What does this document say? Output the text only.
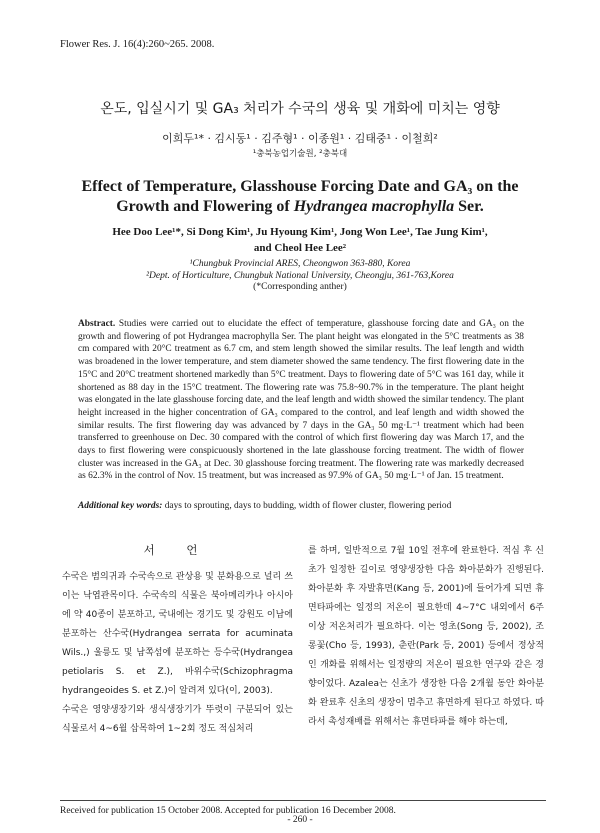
Flower Res. J. 16(4):260~265. 2008.
온도, 입실시기 및 GA₃ 처리가 수국의 생육 및 개화에 미치는 영향
이희두¹* · 김시동¹ · 김주형¹ · 이종원¹ · 김태중¹ · 이철희²
¹충북농업기술원, ²충북대
Effect of Temperature, Glasshouse Forcing Date and GA₃ on the
Growth and Flowering of Hydrangea macrophylla Ser.
Hee Doo Lee¹*, Si Dong Kim¹, Ju Hyoung Kim¹, Jong Won Lee¹, Tae Jung Kim¹,
and Cheol Hee Lee²
¹Chungbuk Provincial ARES, Cheongwon 363-880, Korea
²Dept. of Horticulture, Chungbuk National University, Cheongju, 361-763,Korea
(*Corresponding anther)
Abstract. Studies were carried out to elucidate the effect of temperature, glasshouse forcing date and GA₃ on the growth and flowering of pot Hydrangea macrophylla Ser. The plant height was elongated in the 5°C treatments as 38 cm compared with 20°C treatment as 6.7 cm, and stem length showed the similar results. The leaf length and width was broadened in the lower temperature, and stem diameter showed the same tendency. The first flowering date in the 15°C and 20°C treatment shortened markedly than 5°C treatment. Days to flowering date of 5°C was 161 day, while it shortened as 88 day in the 15°C treatment. The flowering rate was 75.8~90.7% in the temperature. The plant height was elongated in the late glasshouse forcing date, and the leaf length and width showed the similar tendency. The plant height increased in the higher concentration of GA₃ compared to the control, and leaf length and width showed the similar results. The first flowering day was advanced by 7 days in the GA₃ 50 mg·L⁻¹ treatment which had been transferred to greenhouse on Dec. 30 compared with the control of which first flowering day was March 17, and the days to first flowering were conspicuously shortened in the late glasshouse forcing treatment. The width of flower cluster was increased in the GA₃ at Dec. 30 glasshouse forcing treatment. The flowering rate was markedly decreased as 62.3% in the control of Nov. 15 treatment, but was increased as 97.9% of GA₃ 50 mg·L⁻¹ of Jan. 15 treatment.
Additional key words: days to sprouting, days to budding, width of flower cluster, flowering period
서 언
수국은 범의귀과 수국속으로 관상용 및 분화용으로 널리 쓰이는 낙엽관목이다. 수국속의 식물은 북아메리카나 아시아에 약 40종이 분포하고, 국내에는 경기도 및 강원도 이남에 분포하는 산수국(Hydrangea serrata for acuminata Wils.,) 울릉도 및 남쪽섬에 분포하는 등수국(Hydrangea petiolaris S. et Z.), 바위수국(Schizophragma hydrangeoides S. et Z.)이 알려져 있다(이, 2003).
수국은 영양생장기와 생식생장기가 뚜렷이 구분되어 있는 식물로서 4~6월 삽목하여 1~2회 정도 적심처리
를 하며, 일반적으로 7월 10일 전후에 완료한다. 적심 후 신초가 일정한 길이로 영양생장한 다음 화아분화가 진행된다. 화아분화 후 자발휴면(Kang 등, 2001)에 들어가게 되면 휴면타파에는 일정의 저온이 필요한데 4~7°C 내외에서 6주 이상 저온처리가 필요하다. 이는 영초(Song 등, 2002), 조롱꽃(Cho 등, 1993), 춘란(Park 등, 2001) 등에서 정상적인 개화를 위해서는 일정량의 저온이 필요한 연구와 같은 경향이었다. Azalea는 신초가 생장한 다음 2개월 동안 화아분화 완료후 신초의 생장이 멈추고 휴면하게 된다고 하였다. 따라서 촉성재배를 위해서는 휴면타파를 해야 하는데,
Received for publication 15 October 2008. Accepted for publication 16 December 2008.
- 260 -
